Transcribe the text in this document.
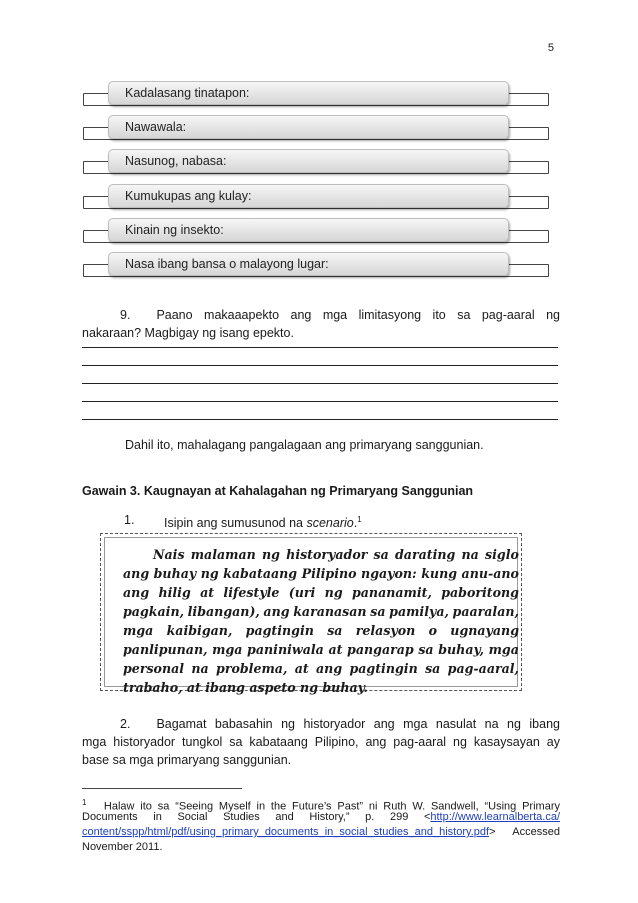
5
Kadalasang tinatapon:
Nawawala:
Nasunog, nabasa:
Kumukupas ang kulay:
Kinain ng insekto:
Nasa ibang bansa o malayong lugar:
9. Paano makaaapekto ang mga limitasyong ito sa pag-aaral ng
nakaraan? Magbigay ng isang epekto.
Dahil ito, mahalagang pangalagaan ang primaryang sanggunian.
Gawain 3. Kaugnayan at Kahalagahan ng Primaryang Sanggunian
1. Isipin ang sumusunod na scenario.$^1$
Nais malaman ng historyador sa darating na siglo
ang buhay ng kabataang Pilipino ngayon: kung anu-ano
ang hilig at lifestyle (uri ng pananamit, paboritong
pagkain, libangan), ang karanasan sa pamilya, paaralan,
mga kaibigan, pagtingin sa relasyon o ugnayang
panlipunan, mga paniniwala at pangarap sa buhay, mga
personal na problema, at ang pagtingin sa pag-aaral,
trabaho, at ibang aspeto ng buhay.
2. Bagamat babasahin ng historyador ang mga nasulat na ng ibang
mga historyador tungkol sa kabataang Pilipino, ang pag-aaral ng kasaysayan ay
base sa mga primaryang sanggunian.
$^1$ Halaw ito sa “Seeing Myself in the Future’s Past” ni Ruth W. Sandwell, “Using Primary
Documents in Social Studies and History,” p. 299 <http://www.learnalberta.ca/
content/sspp/html/pdf/using_primary_documents_in_social_studies_and_history.pdf> Accessed
November 2011.
